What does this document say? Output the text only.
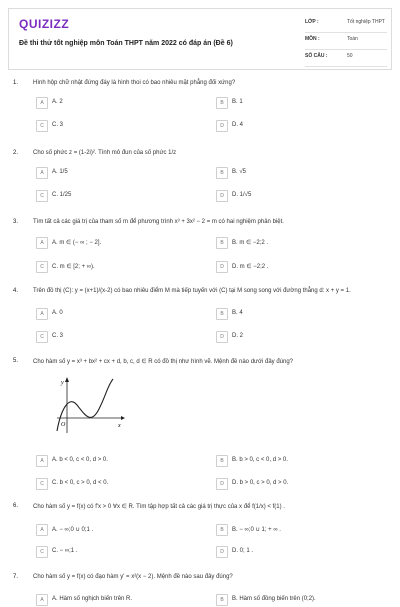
QUIZIZZ
Đề thi thử tốt nghiệp môn Toán THPT năm 2022 có đáp án (Đề 6)
LỚP :	Tốt nghiệp THPT
MÔN :	Toán
SỐ CÂU :	50
1. Hình hộp chữ nhật đứng đáy là hình thoi có bao nhiêu mặt phẳng đối xứng?
A	A. 2	B	B. 1
C	C. 3	D	D. 4
2. Cho số phức z = (1-2i)². Tính mô đun của số phức 1/z
A	A. 1/5	B	B. √5
C	C. 1/25	D	D. 1/√5
3. Tìm tất cả các giá trị của tham số m để phương trình x³ + 3x² − 2 = m có hai nghiệm phân biệt.
A	A. m ∈ (− ∞ ; − 2].	B	B. m ∈ −2;2 .
C	C. m ∈ [2; + ∞).	D	D. m ∈ −2;2 .
4. Trên đồ thị (C): y = (x+1)/(x-2) có bao nhiêu điểm M mà tiếp tuyến với (C) tại M song song với đường thẳng d: x + y = 1.
A	A. 0	B	B. 4
C	C. 3	D	D. 2
5. Cho hàm số y = x³ + bx² + cx + d, b, c, d ∈ R có đồ thị như hình vẽ. Mệnh đề nào dưới đây đúng?
A	A. b < 0, c < 0, d > 0.	B	B. b > 0, c < 0, d > 0.
C	C. b < 0, c > 0, d < 0.	D	D. b > 0, c > 0, d > 0.
y
x
O
6. Cho hàm số y = f(x) có f'x > 0 ∀x ∈ R. Tìm tập hợp tất cả các giá trị thực của x để f(1/x) < f(1) .
A	A. − ∞;0 ∪ 0;1 .	B	B. − ∞;0 ∪ 1; + ∞ .
C	C. − ∞;1 .	D	D. 0; 1 .
7. Cho hàm số y = f(x) có đạo hàm y' = x²(x − 2). Mệnh đề nào sau đây đúng?
A	A. Hàm số nghịch biến trên R.	B	B. Hàm số đồng biến trên (0;2).
